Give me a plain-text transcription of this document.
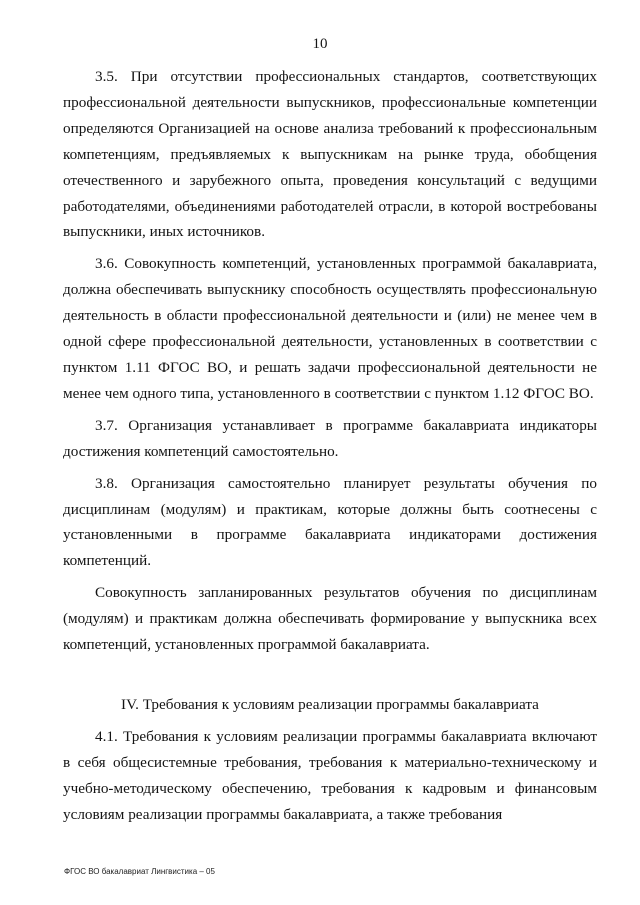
10

3.5. При отсутствии профессиональных стандартов, соответствующих профессиональной деятельности выпускников, профессиональные компетенции определяются Организацией на основе анализа требований к профессиональным компетенциям, предъявляемых к выпускникам на рынке труда, обобщения отечественного и зарубежного опыта, проведения консультаций с ведущими работодателями, объединениями работодателей отрасли, в которой востребованы выпускники, иных источников.

3.6. Совокупность компетенций, установленных программой бакалавриата, должна обеспечивать выпускнику способность осуществлять профессиональную деятельность в области профессиональной деятельности и (или) не менее чем в одной сфере профессиональной деятельности, установленных в соответствии с пунктом 1.11 ФГОС ВО, и решать задачи профессиональной деятельности не менее чем одного типа, установленного в соответствии с пунктом 1.12 ФГОС ВО.

3.7. Организация устанавливает в программе бакалавриата индикаторы достижения компетенций самостоятельно.

3.8. Организация самостоятельно планирует результаты обучения по дисциплинам (модулям) и практикам, которые должны быть соотнесены с установленными в программе бакалавриата индикаторами достижения компетенций.

Совокупность запланированных результатов обучения по дисциплинам (модулям) и практикам должна обеспечивать формирование у выпускника всех компетенций, установленных программой бакалавриата.

IV. Требования к условиям реализации программы бакалавриата

4.1. Требования к условиям реализации программы бакалавриата включают в себя общесистемные требования, требования к материально-техническому и учебно-методическому обеспечению, требования к кадровым и финансовым условиям реализации программы бакалавриата, а также требования

ФГОС ВО бакалавриат Лингвистика – 05
